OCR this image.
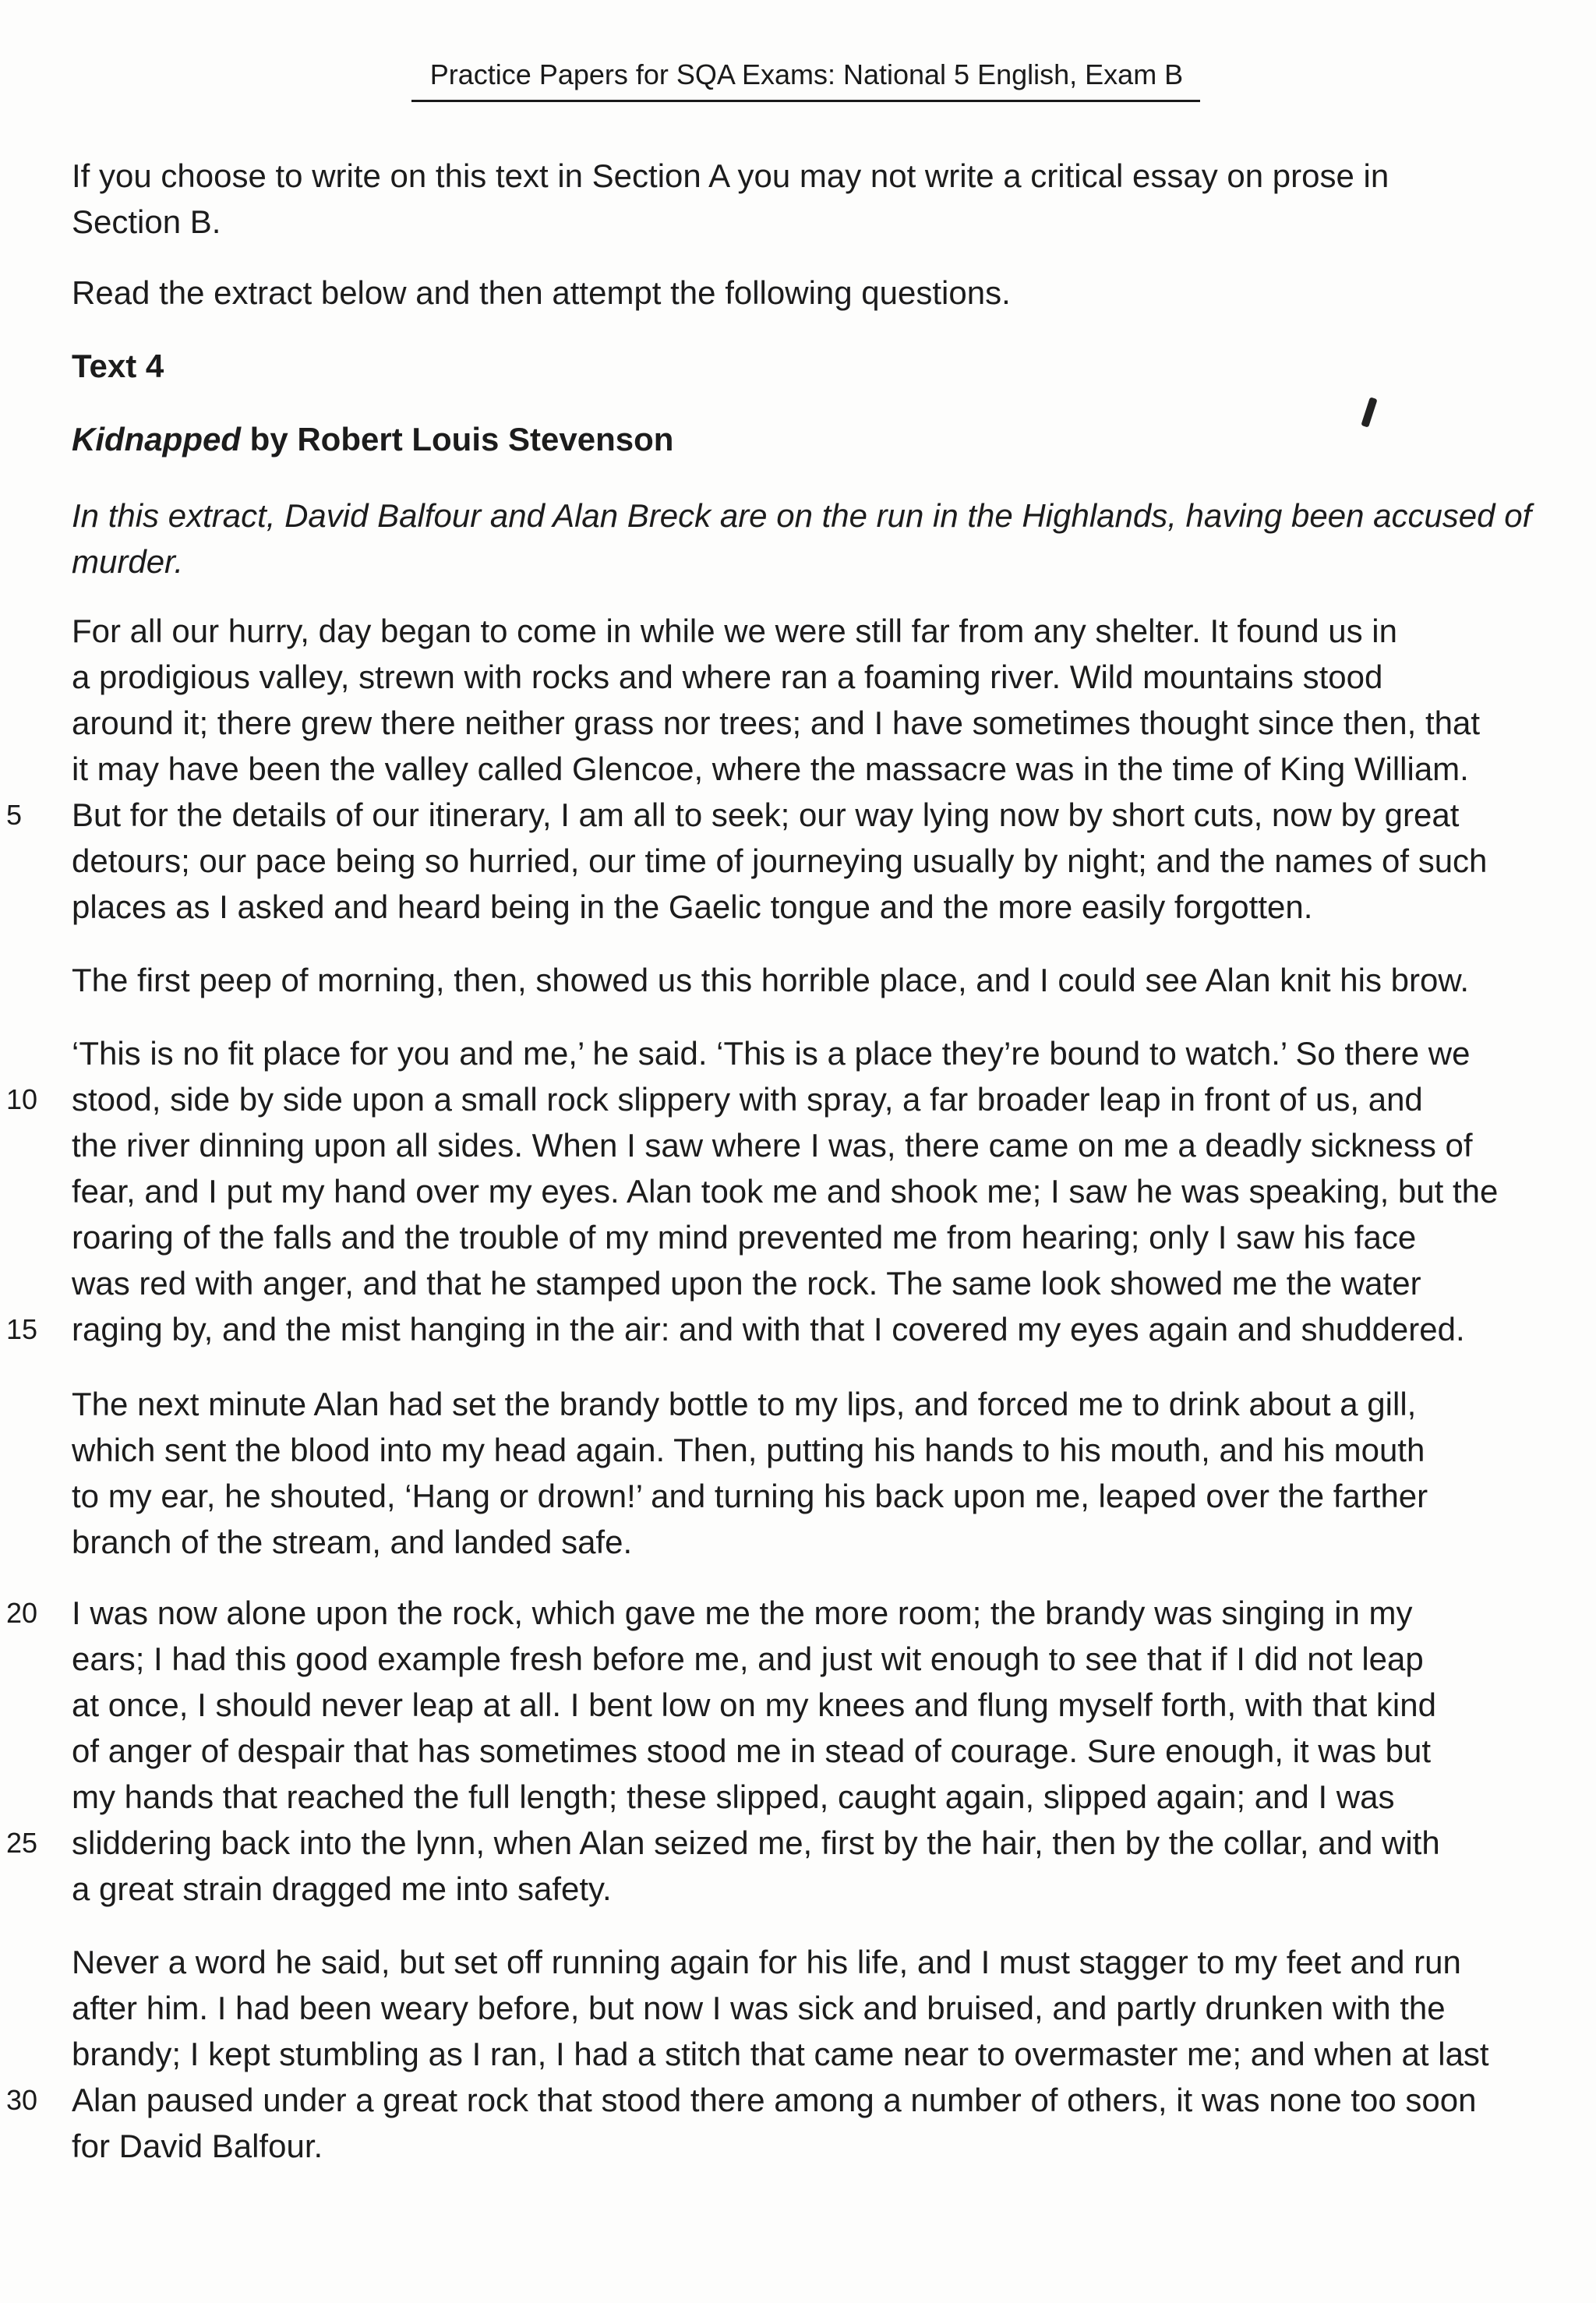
Practice Papers for SQA Exams: National 5 English, Exam B
If you choose to write on this text in Section A you may not write a critical essay on prose in
Section B.
Read the extract below and then attempt the following questions.
Text 4
Kidnapped by Robert Louis Stevenson
In this extract, David Balfour and Alan Breck are on the run in the Highlands, having been accused of
murder.
For all our hurry, day began to come in while we were still far from any shelter. It found us in
a prodigious valley, strewn with rocks and where ran a foaming river. Wild mountains stood
around it; there grew there neither grass nor trees; and I have sometimes thought since then, that
it may have been the valley called Glencoe, where the massacre was in the time of King William.
5	But for the details of our itinerary, I am all to seek; our way lying now by short cuts, now by great
detours; our pace being so hurried, our time of journeying usually by night; and the names of such
places as I asked and heard being in the Gaelic tongue and the more easily forgotten.
The first peep of morning, then, showed us this horrible place, and I could see Alan knit his brow.
‘This is no fit place for you and me,’ he said. ‘This is a place they’re bound to watch.’ So there we
10	stood, side by side upon a small rock slippery with spray, a far broader leap in front of us, and
the river dinning upon all sides. When I saw where I was, there came on me a deadly sickness of
fear, and I put my hand over my eyes. Alan took me and shook me; I saw he was speaking, but the
roaring of the falls and the trouble of my mind prevented me from hearing; only I saw his face
was red with anger, and that he stamped upon the rock. The same look showed me the water
15	raging by, and the mist hanging in the air: and with that I covered my eyes again and shuddered.
The next minute Alan had set the brandy bottle to my lips, and forced me to drink about a gill,
which sent the blood into my head again. Then, putting his hands to his mouth, and his mouth
to my ear, he shouted, ‘Hang or drown!’ and turning his back upon me, leaped over the farther
branch of the stream, and landed safe.
20	I was now alone upon the rock, which gave me the more room; the brandy was singing in my
ears; I had this good example fresh before me, and just wit enough to see that if I did not leap
at once, I should never leap at all. I bent low on my knees and flung myself forth, with that kind
of anger of despair that has sometimes stood me in stead of courage. Sure enough, it was but
my hands that reached the full length; these slipped, caught again, slipped again; and I was
25	sliddering back into the lynn, when Alan seized me, first by the hair, then by the collar, and with
a great strain dragged me into safety.
Never a word he said, but set off running again for his life, and I must stagger to my feet and run
after him. I had been weary before, but now I was sick and bruised, and partly drunken with the
brandy; I kept stumbling as I ran, I had a stitch that came near to overmaster me; and when at last
30	Alan paused under a great rock that stood there among a number of others, it was none too soon
for David Balfour.
